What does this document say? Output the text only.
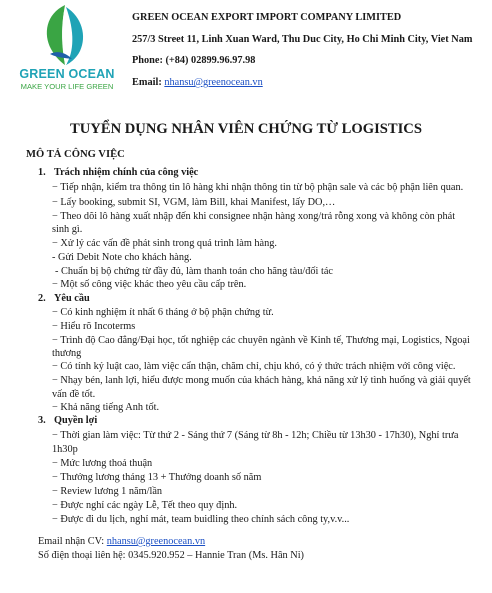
GREEN OCEAN
MAKE YOUR LIFE GREEN
GREEN OCEAN EXPORT IMPORT COMPANY LIMITED
257/3 Street 11, Linh Xuan Ward, Thu Duc City, Ho Chi Minh City, Viet Nam
Phone: (+84) 02899.96.97.98
Email: nhansu@greenocean.vn
TUYỂN DỤNG NHÂN VIÊN CHỨNG TỪ LOGISTICS
MÔ TẢ CÔNG VIỆC
1. Trách nhiệm chính của công việc
− Tiếp nhận, kiểm tra thông tin lô hàng khi nhận thông tin từ bộ phận sale và các bộ phận liên quan.
− Lấy booking, submit SI, VGM, làm Bill, khai Manifest, lấy DO,…
− Theo dõi lô hàng xuất nhập đến khi consignee nhận hàng xong/trả rỗng xong và không còn phát
sinh gì.
− Xử lý các vấn đề phát sinh trong quá trình làm hàng.
- Gửi Debit Note cho khách hàng.
- Chuẩn bị bộ chứng từ đầy đủ, làm thanh toán cho hãng tàu/đối tác
− Một số công việc khác theo yêu cầu cấp trên.
2. Yêu cầu
− Có kinh nghiệm ít nhất 6 tháng ở bộ phận chứng từ.
− Hiểu rõ Incoterms
− Trình độ Cao đẳng/Đại học, tốt nghiệp các chuyên ngành về Kinh tế, Thương mại, Logistics, Ngoại
thương
− Có tính kỷ luật cao, làm việc cẩn thận, chăm chỉ, chịu khó, có ý thức trách nhiệm với công việc.
− Nhạy bén, lanh lợi, hiểu được mong muốn của khách hàng, khả năng xử lý tình huống và giải quyết
vấn đề tốt.
− Khả năng tiếng Anh tốt.
3. Quyền lợi
− Thời gian làm việc: Từ thứ 2 - Sáng thứ 7 (Sáng từ 8h - 12h; Chiều từ 13h30 - 17h30), Nghỉ trưa
1h30p
− Mức lương thoả thuận
− Thưởng lương tháng 13 + Thưởng doanh số năm
− Review lương 1 năm/lần
− Được nghỉ các ngày Lễ, Tết theo quy định.
− Được đi du lịch, nghỉ mát, team buidling theo chính sách công ty,v.v...
Email nhận CV: nhansu@greenocean.vn
Số điện thoại liên hệ: 0345.920.952 – Hannie Tran (Ms. Hân Ni)
